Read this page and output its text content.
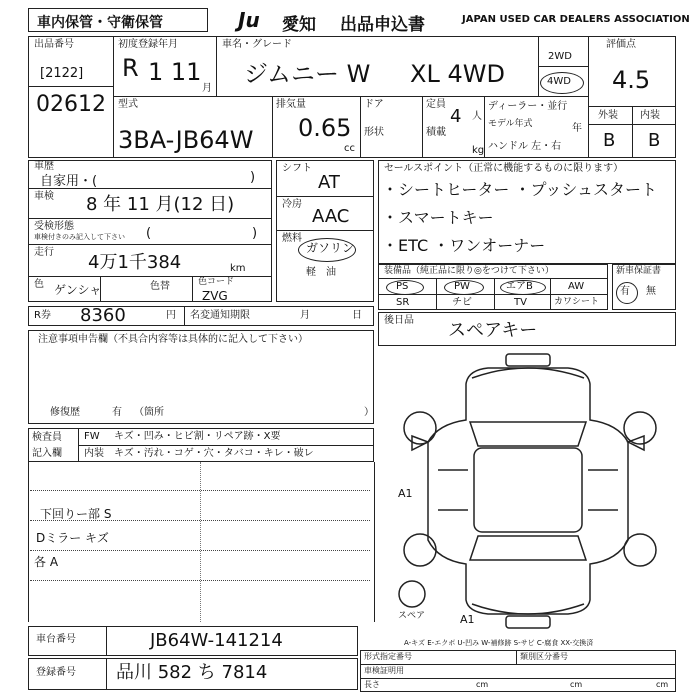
車内保管・守衛保管	Ju	愛知 出品申込書	JAPAN USED CAR DEALERS ASSOCIATION
出品番号
[2122]
02612
初度登録年月
R 1 11
月
車名・グレード
ジムニー W XL 4WD
2WD
4WD
評価点
4.5
外装 内装
B B
型式
3BA-JB64W
排気量
0.65
cc
ドア
形状
定員
4 人
積載
kg
ディーラー・並行
モデル年式	年
ハンドル 左・右
車歴
自家用・(	)
車検 8 年 11 月(12 日)
受検形態
車検付きのみ記入して下さい (	)
走行 4万1千384	km
色 ゲンシャ	色替	色コード
ZVG
シフト
AT
冷房
AAC
燃料
ガソリン
軽　油
セールスポイント（正常に機能するものに限ります）
・シートヒーター ・プッシュスタート
・スマートキー
・ETC ・ワンオーナー
装備品（純正品に限り◎をつけて下さい）
PS	PW	エアB	AW
SR	チビ	TV	カワシート
新車保証書
有 無
R券 8360	円 名変通知期限	月	日
注意事項申告欄（不具合内容等は具体的に記入して下さい）
修復歴	有 （箇所	）
後日品 スペアキー
検査員
記入欄
FW キズ・凹み・ヒビ割・リペア跡・X要
内装 キズ・汚れ・コゲ・穴・タバコ・キレ・破レ
下回りー部 S
Dミラー キズ
各 A
A1
A1
スペア
A-キズ E-エクボ U-凹み W-補修跡 S-サビ C-腐食 XX-交換済
車台番号	JB64W-141214
登録番号 品川 582 ち 7814
形式指定番号	類別区分番号
車検証明用
長さ	cm	cm	cm
